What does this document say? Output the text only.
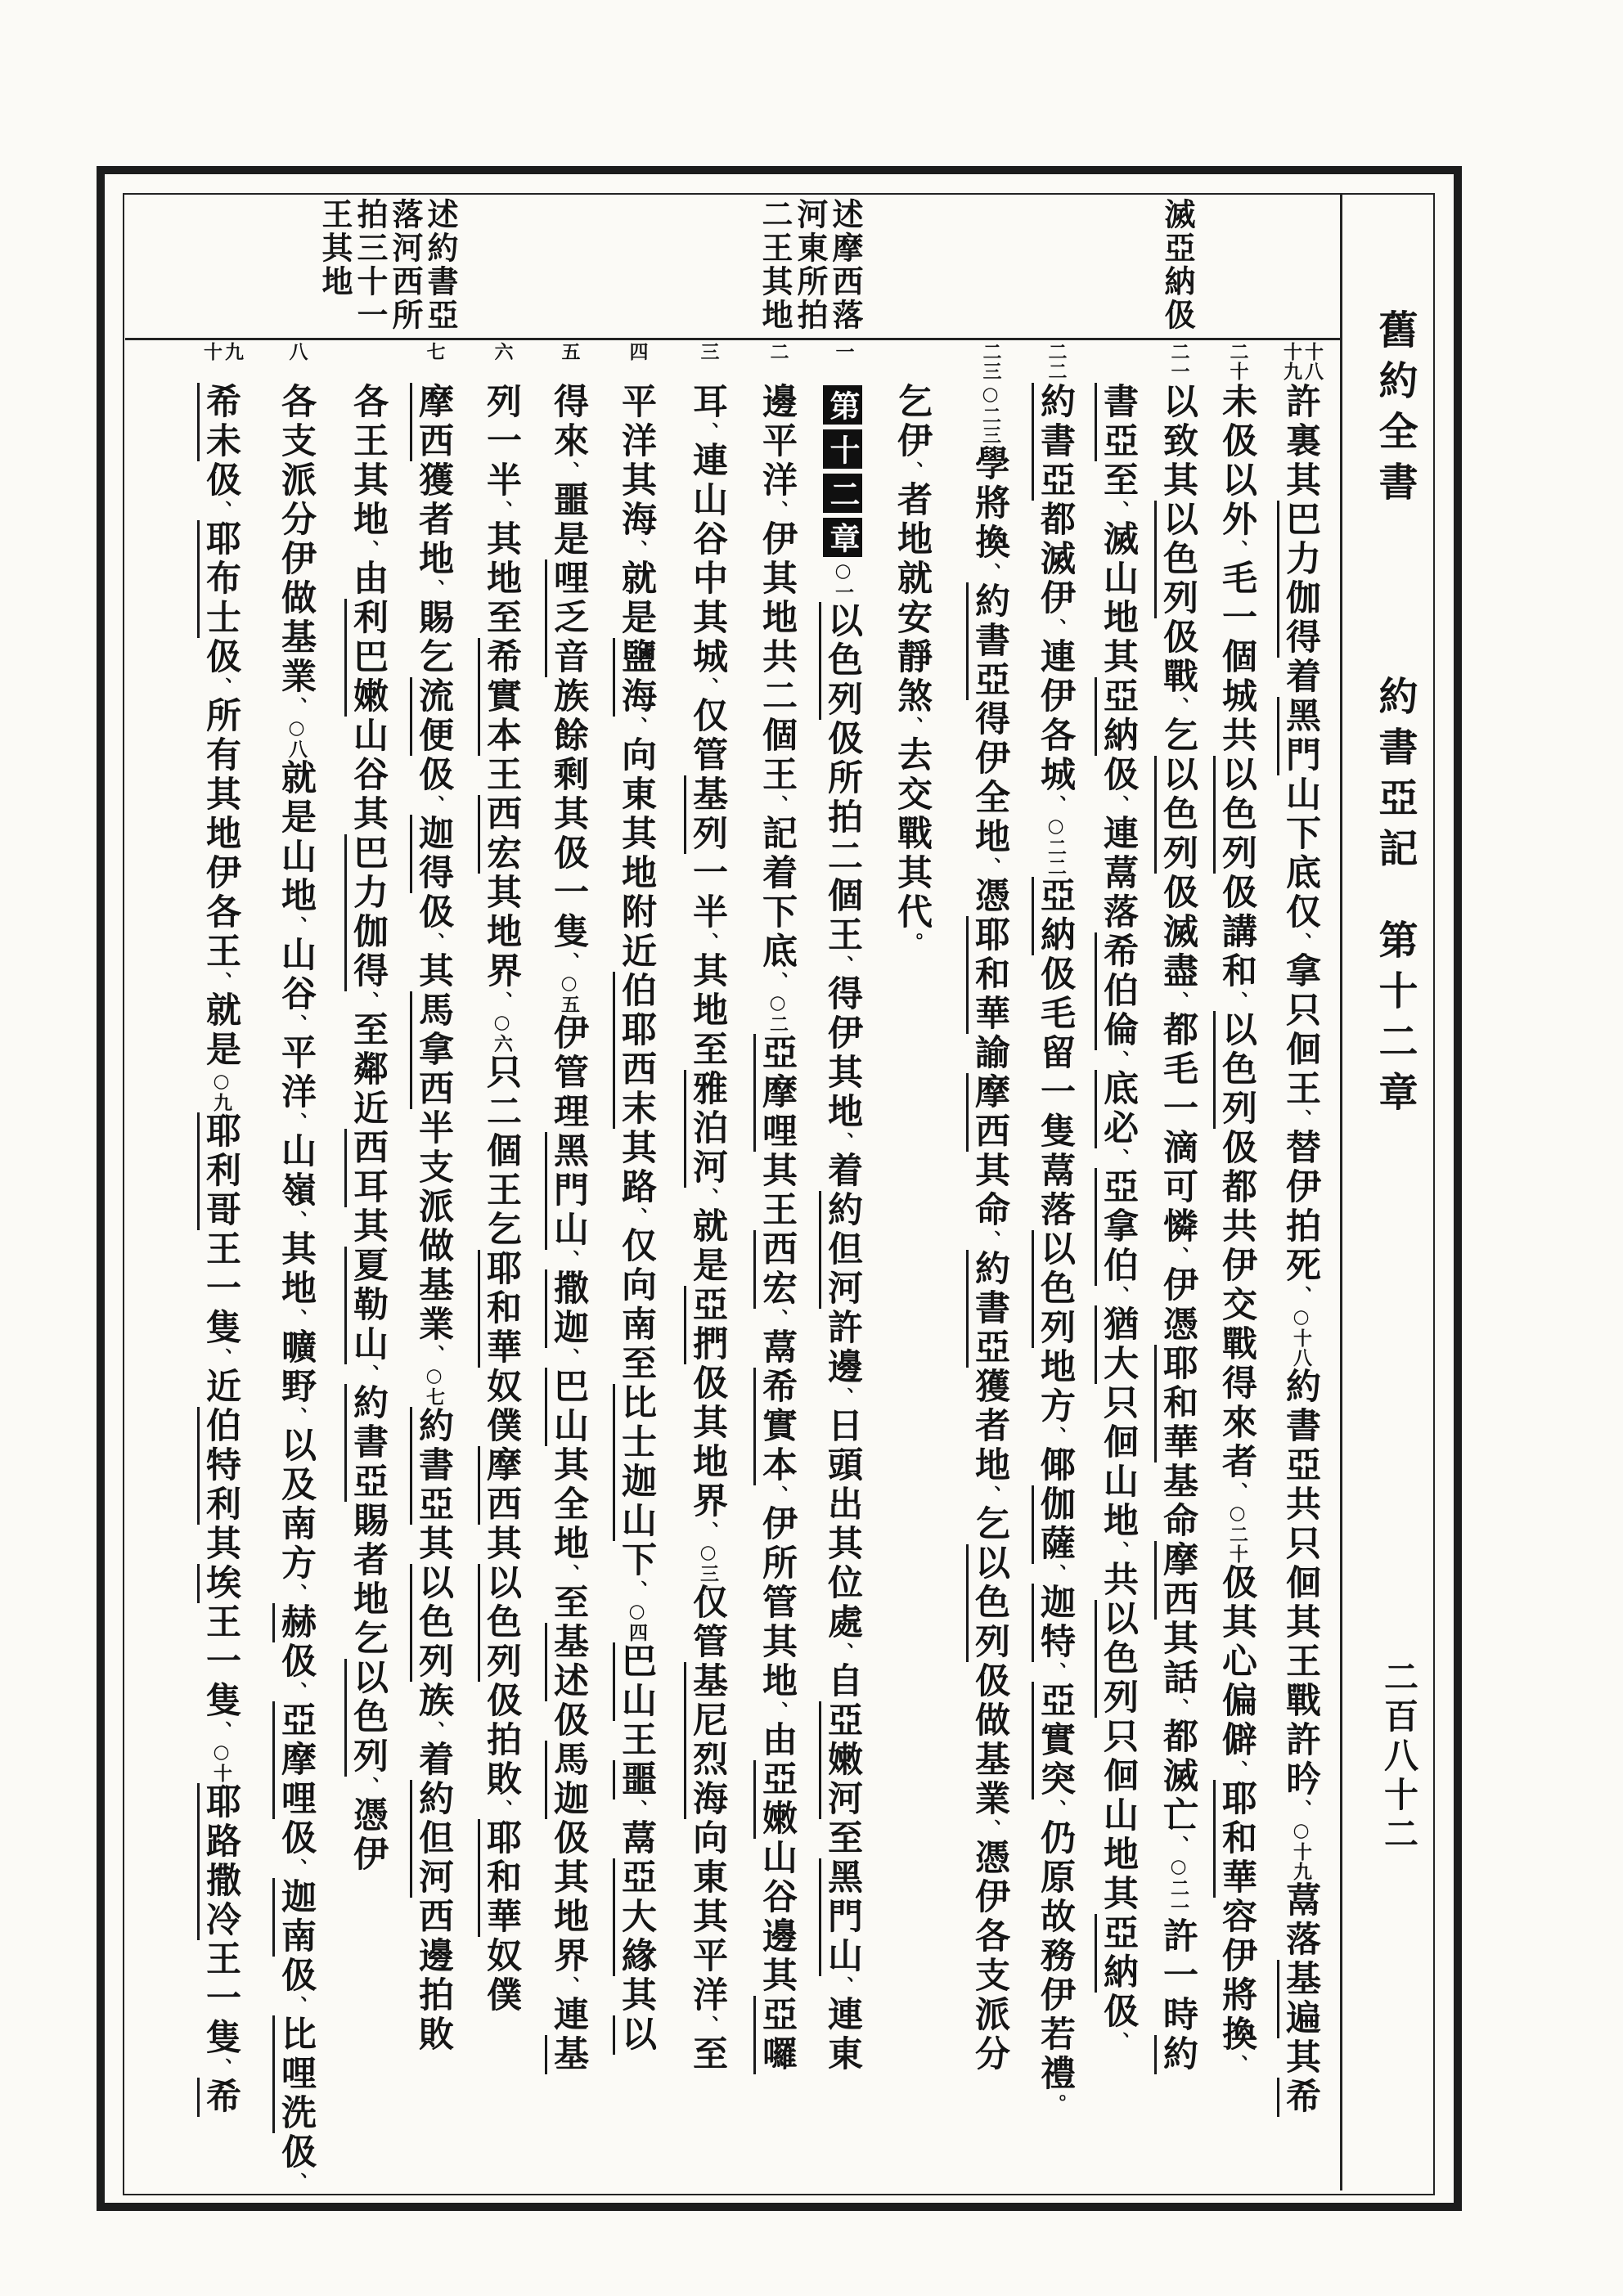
述約書亞落河西所拍三十一王其地	述摩西落河東所拍二王其地	滅亞納伋
舊約全書
約書亞記
第十二章
二百八十二
十八十九
許裏其巴力伽得着黑門山下底仅、拿只佪王、替伊拍死、○十八約書亞共只佪其王戰許昑、○十九蒚落基遍其希
二十
未伋以外、毛一個城共以色列伋講和、以色列伋都共伊交戰得來者、○二十伋其心偏僻、耶和華容伊將換、
二一
以致其以色列伋戰、乞以色列伋滅盡、都毛一滴可憐、伊憑耶和華基命摩西其話、都滅亡、○二一許一時約
書亞至、滅山地其亞納伋、連蒚落希伯倫、底必、亞拿伯、猶大只佪山地、共以色列只佪山地其亞納伋、
二二
約書亞都滅伊、連伊各城、○二二亞納伋毛留一隻蒚落以色列地方、倻伽薩、迦特、亞實突、仍原故務伊若禮。
二三
○二三學將換、約書亞得伊全地、憑耶和華諭摩西其命、約書亞獲者地、乞以色列伋做基業、憑伊各支派分
乞伊、者地就安靜煞、去交戰其代。
一
第十二章○一以色列伋所拍二個王、得伊其地、着約但河許邊、日頭出其位處、自亞嫩河至黑門山、連東
二
邊平洋、伊其地共二個王、記着下底、○二亞摩哩其王西宏、蒚希實本、伊所管其地、由亞嫩山谷邊其亞囉
三
耳、連山谷中其城、仅管基列一半、其地至雅泊河、就是亞捫伋其地界、○三仅管基尼烈海向東其平洋、至
四
平洋其海、就是鹽海、向東其地附近伯耶西末其路、仅向南至比士迦山下、○四巴山王噩、蒚亞大緣其以
五
得來、噩是哩乏音族餘剩其伋一隻、○五伊管理黑門山、撒迦、巴山其全地、至基述伋馬迦伋其地界、連基
六
列一半、其地至希實本王西宏其地界、○六只二個王乞耶和華奴僕摩西其以色列伋拍敗、耶和華奴僕
七
摩西獲者地、賜乞流便伋、迦得伋、其馬拿西半支派做基業、○七約書亞其以色列族、着約但河西邊拍敗
各王其地、由利巴嫩山谷其巴力伽得、至鄰近西耳其夏勒山、約書亞賜者地乞以色列、憑伊
八
各支派分伊做基業、○八就是山地、山谷、平洋、山嶺、其地、曠野、以及南方、赫伋、亞摩哩伋、迦南伋、比哩洗伋、
九十
希未伋、耶布士伋、所有其地伊各王、就是○九耶利哥王一隻、近伯特利其埃王一隻、○十耶路撒冷王一隻、希
